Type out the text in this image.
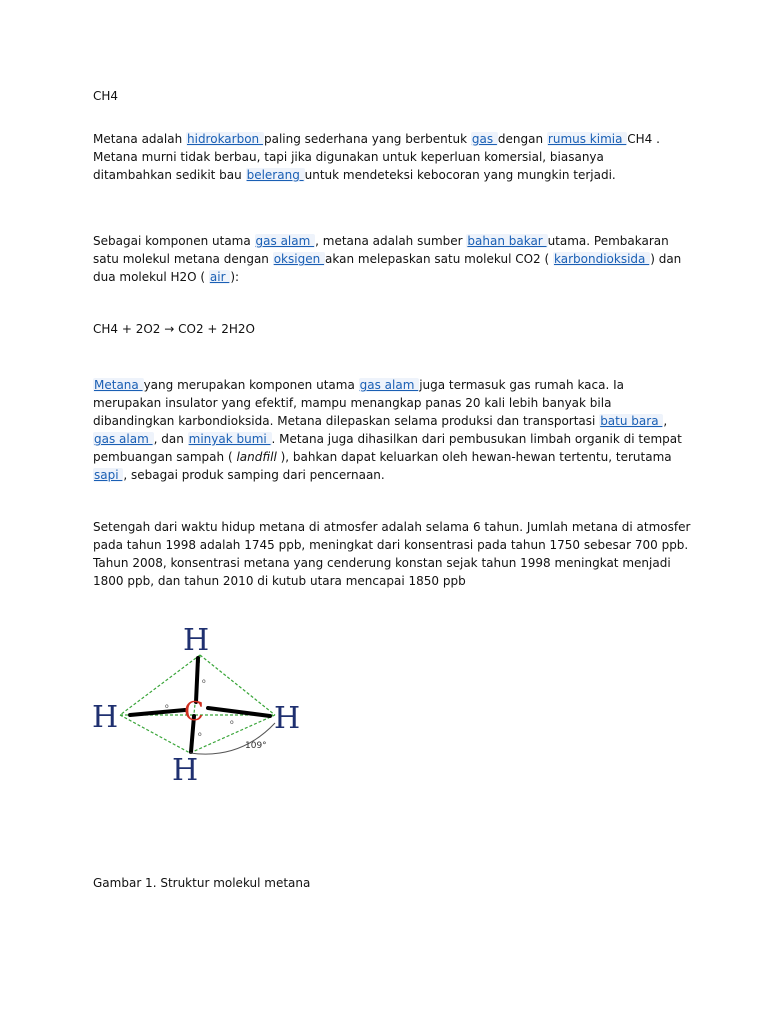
CH4

Metana adalah hidrokarbon paling sederhana yang berbentuk gas dengan rumus kimia CH4 . Metana murni tidak berbau, tapi jika digunakan untuk keperluan komersial, biasanya ditambahkan sedikit bau belerang untuk mendeteksi kebocoran yang mungkin terjadi.

Sebagai komponen utama gas alam , metana adalah sumber bahan bakar utama. Pembakaran satu molekul metana dengan oksigen akan melepaskan satu molekul CO2 ( karbondioksida ) dan dua molekul H2O ( air ):

CH4 + 2O2 → CO2 + 2H2O

Metana yang merupakan komponen utama gas alam juga termasuk gas rumah kaca. Ia merupakan insulator yang efektif, mampu menangkap panas 20 kali lebih banyak bila dibandingkan karbondioksida. Metana dilepaskan selama produksi dan transportasi batu bara , gas alam , dan minyak bumi . Metana juga dihasilkan dari pembusukan limbah organik di tempat pembuangan sampah ( landfill ), bahkan dapat keluarkan oleh hewan-hewan tertentu, terutama sapi , sebagai produk samping dari pencernaan.

Setengah dari waktu hidup metana di atmosfer adalah selama 6 tahun. Jumlah metana di atmosfer pada tahun 1998 adalah 1745 ppb, meningkat dari konsentrasi pada tahun 1750 sebesar 700 ppb. Tahun 2008, konsentrasi metana yang cenderung konstan sejak tahun 1998 meningkat menjadi 1800 ppb, dan tahun 2010 di kutub utara mencapai 1850 ppb

Gambar 1. Struktur molekul metana
o
o
o
o
H
H	H
H
C
109°
